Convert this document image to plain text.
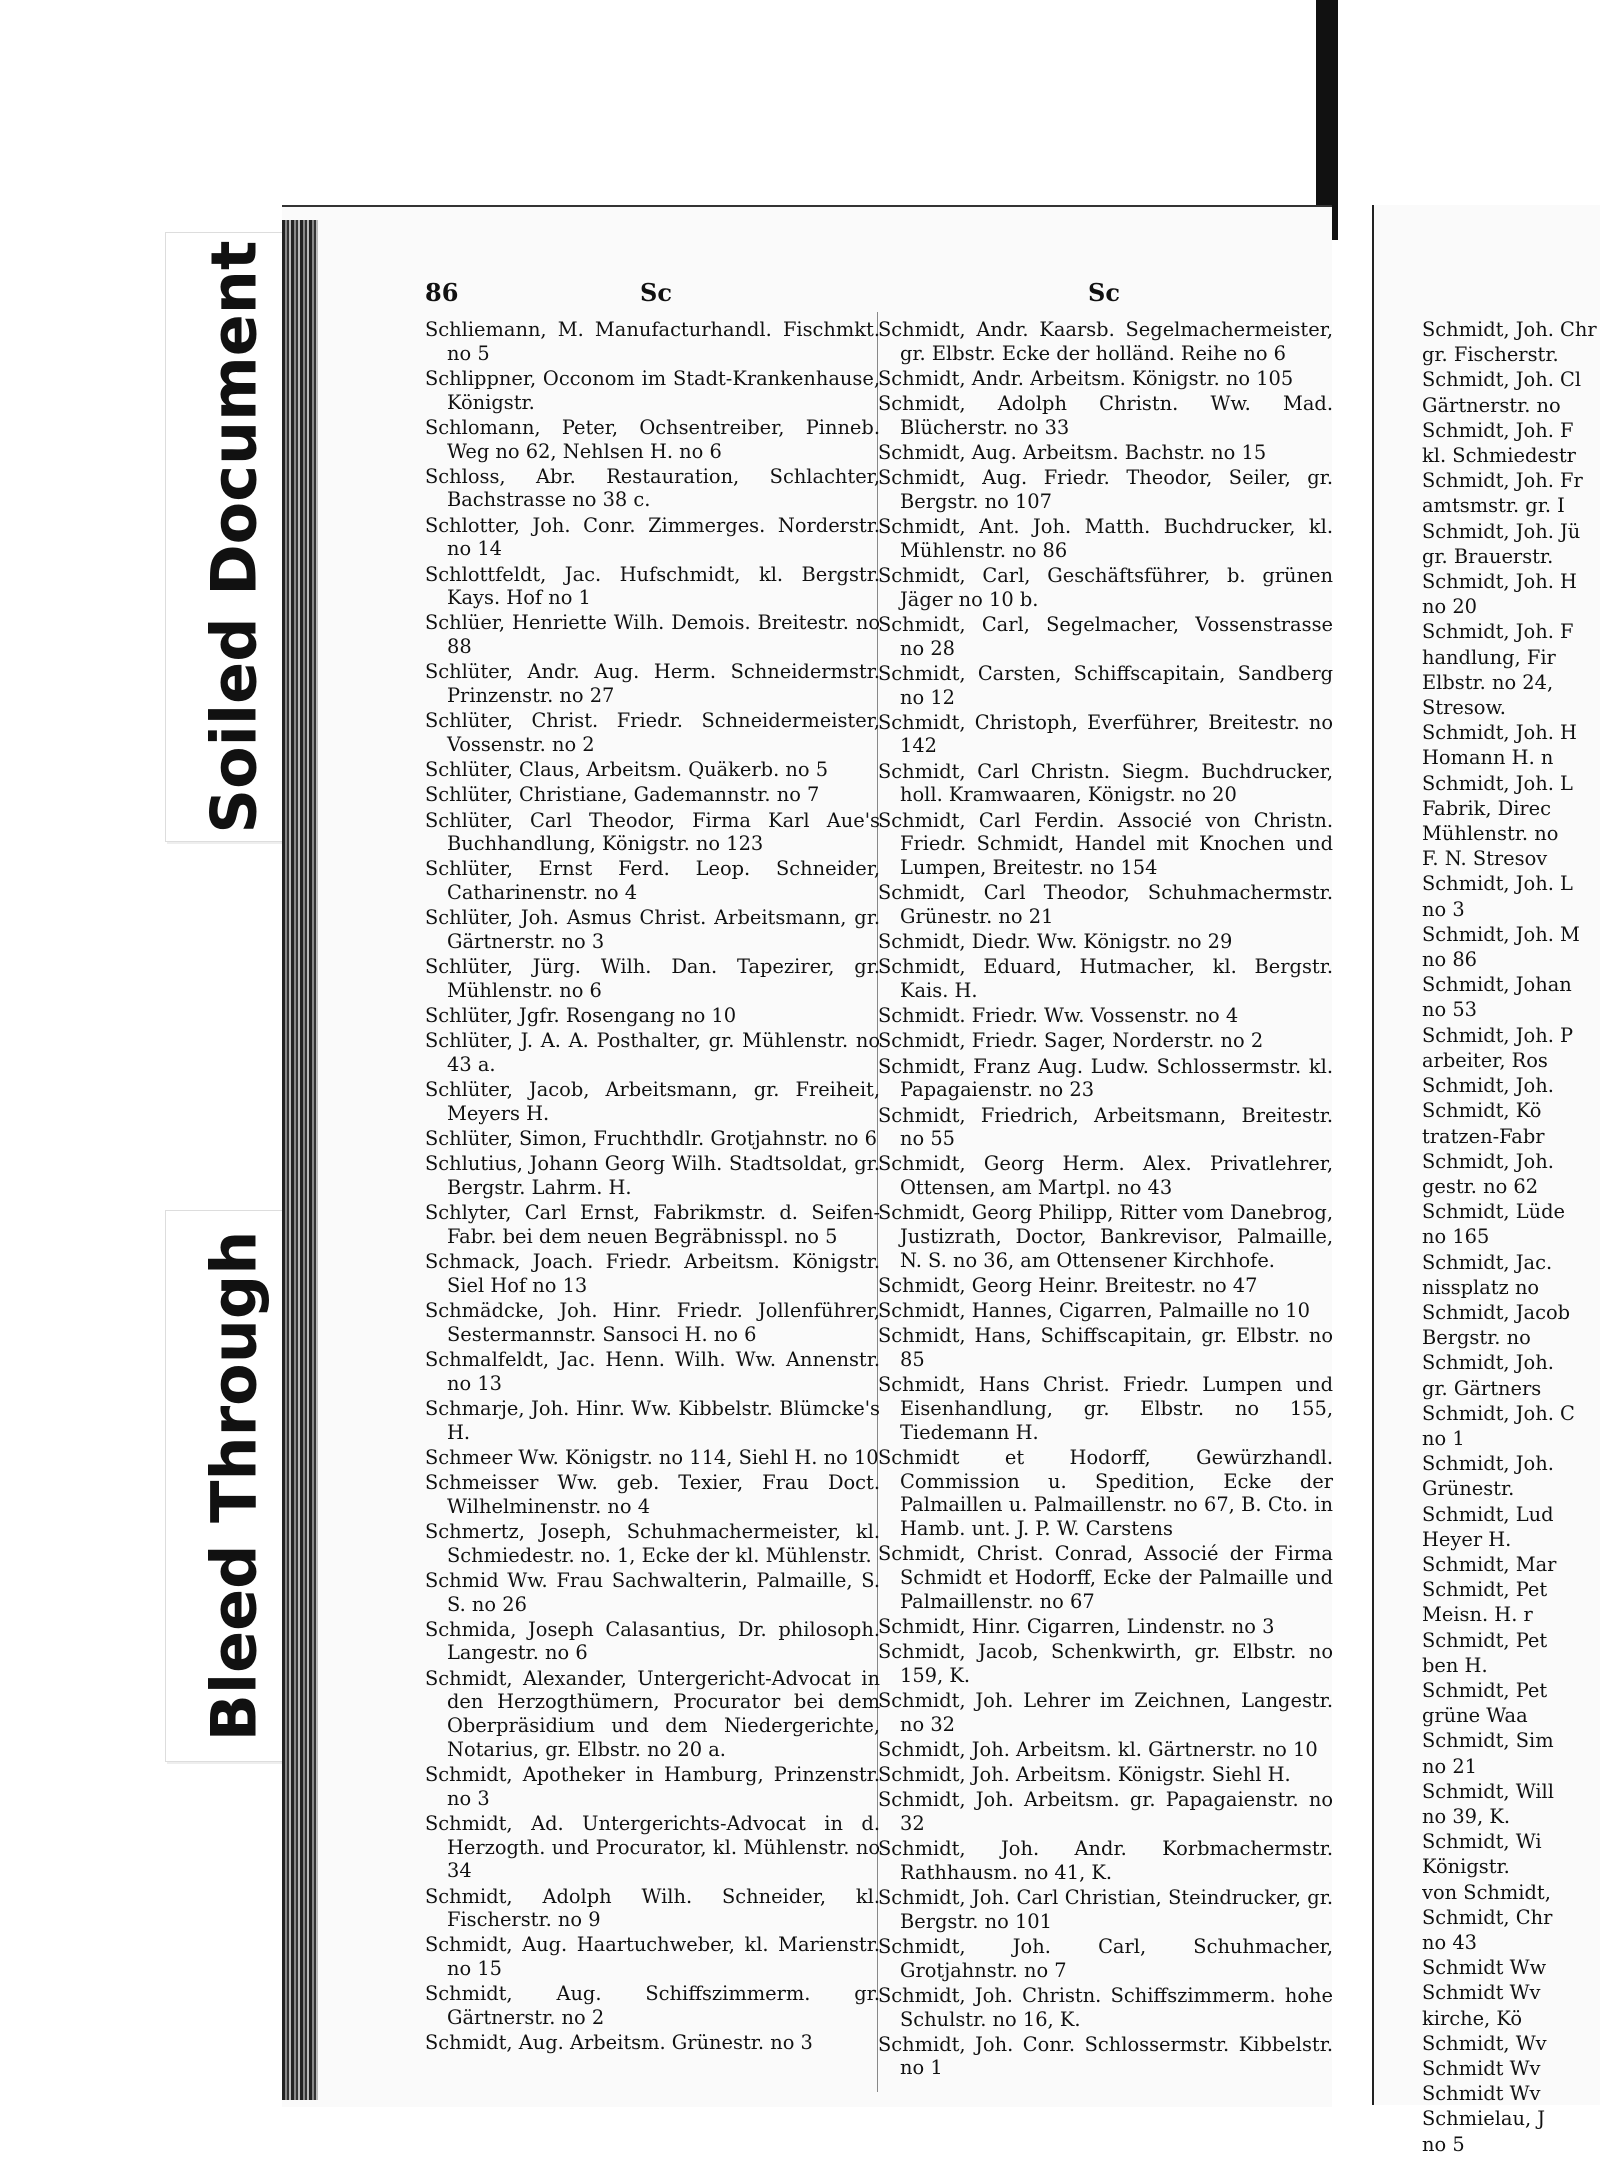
Soiled Document
Bleed Through
86	Sc	Sc
Schliemann, M. Manufacturhandl. Fischmkt. no 5
Schlippner, Occonom im Stadt-Krankenhause, Königstr.
Schlomann, Peter, Ochsentreiber, Pinneb. Weg no 62, Nehlsen H. no 6
Schloss, Abr. Restauration, Schlachter, Bachstrasse no 38 c.
Schlotter, Joh. Conr. Zimmerges. Norderstr. no 14
Schlottfeldt, Jac. Hufschmidt, kl. Bergstr. Kays. Hof no 1
Schlüer, Henriette Wilh. Demois. Breitestr. no 88
Schlüter, Andr. Aug. Herm. Schneidermstr. Prinzenstr. no 27
Schlüter, Christ. Friedr. Schneidermeister, Vossenstr. no 2
Schlüter, Claus, Arbeitsm. Quäkerb. no 5
Schlüter, Christiane, Gademannstr. no 7
Schlüter, Carl Theodor, Firma Karl Aue's Buchhandlung, Königstr. no 123
Schlüter, Ernst Ferd. Leop. Schneider, Catharinenstr. no 4
Schlüter, Joh. Asmus Christ. Arbeitsmann, gr. Gärtnerstr. no 3
Schlüter, Jürg. Wilh. Dan. Tapezirer, gr. Mühlenstr. no 6
Schlüter, Jgfr. Rosengang no 10
Schlüter, J. A. A. Posthalter, gr. Mühlenstr. no 43 a.
Schlüter, Jacob, Arbeitsmann, gr. Freiheit, Meyers H.
Schlüter, Simon, Fruchthdlr. Grotjahnstr. no 6
Schlutius, Johann Georg Wilh. Stadtsoldat, gr. Bergstr. Lahrm. H.
Schlyter, Carl Ernst, Fabrikmstr. d. Seifen-Fabr. bei dem neuen Begräbnisspl. no 5
Schmack, Joach. Friedr. Arbeitsm. Königstr. Siel Hof no 13
Schmädcke, Joh. Hinr. Friedr. Jollenführer, Sestermannstr. Sansoci H. no 6
Schmalfeldt, Jac. Henn. Wilh. Ww. Annenstr. no 13
Schmarje, Joh. Hinr. Ww. Kibbelstr. Blümcke's H.
Schmeer Ww. Königstr. no 114, Siehl H. no 10
Schmeisser Ww. geb. Texier, Frau Doct. Wilhelminenstr. no 4
Schmertz, Joseph, Schuhmachermeister, kl. Schmiedestr. no. 1, Ecke der kl. Mühlenstr.
Schmid Ww. Frau Sachwalterin, Palmaille, S. S. no 26
Schmida, Joseph Calasantius, Dr. philosoph. Langestr. no 6
Schmidt, Alexander, Untergericht-Advocat in den Herzogthümern, Procurator bei dem Oberpräsidium und dem Niedergerichte, Notarius, gr. Elbstr. no 20 a.
Schmidt, Apotheker in Hamburg, Prinzenstr. no 3
Schmidt, Ad. Untergerichts-Advocat in d. Herzogth. und Procurator, kl. Mühlenstr. no 34
Schmidt, Adolph Wilh. Schneider, kl. Fischerstr. no 9
Schmidt, Aug. Haartuchweber, kl. Marienstr. no 15
Schmidt, Aug. Schiffszimmerm. gr. Gärtnerstr. no 2
Schmidt, Aug. Arbeitsm. Grünestr. no 3
Schmidt, Andr. Kaarsb. Segelmachermeister, gr. Elbstr. Ecke der holländ. Reihe no 6
Schmidt, Andr. Arbeitsm. Königstr. no 105
Schmidt, Adolph Christn. Ww. Mad. Blücherstr. no 33
Schmidt, Aug. Arbeitsm. Bachstr. no 15
Schmidt, Aug. Friedr. Theodor, Seiler, gr. Bergstr. no 107
Schmidt, Ant. Joh. Matth. Buchdrucker, kl. Mühlenstr. no 86
Schmidt, Carl, Geschäftsführer, b. grünen Jäger no 10 b.
Schmidt, Carl, Segelmacher, Vossenstrasse no 28
Schmidt, Carsten, Schiffscapitain, Sandberg no 12
Schmidt, Christoph, Everführer, Breitestr. no 142
Schmidt, Carl Christn. Siegm. Buchdrucker, holl. Kramwaaren, Königstr. no 20
Schmidt, Carl Ferdin. Associé von Christn. Friedr. Schmidt, Handel mit Knochen und Lumpen, Breitestr. no 154
Schmidt, Carl Theodor, Schuhmachermstr. Grünestr. no 21
Schmidt, Diedr. Ww. Königstr. no 29
Schmidt, Eduard, Hutmacher, kl. Bergstr. Kais. H.
Schmidt. Friedr. Ww. Vossenstr. no 4
Schmidt, Friedr. Sager, Norderstr. no 2
Schmidt, Franz Aug. Ludw. Schlossermstr. kl. Papagaienstr. no 23
Schmidt, Friedrich, Arbeitsmann, Breitestr. no 55
Schmidt, Georg Herm. Alex. Privatlehrer, Ottensen, am Martpl. no 43
Schmidt, Georg Philipp, Ritter vom Danebrog, Justizrath, Doctor, Bankrevisor, Palmaille, N. S. no 36, am Ottensener Kirchhofe.
Schmidt, Georg Heinr. Breitestr. no 47
Schmidt, Hannes, Cigarren, Palmaille no 10
Schmidt, Hans, Schiffscapitain, gr. Elbstr. no 85
Schmidt, Hans Christ. Friedr. Lumpen und Eisenhandlung, gr. Elbstr. no 155, Tiedemann H.
Schmidt et Hodorff, Gewürzhandl. Commission u. Spedition, Ecke der Palmaillen u. Palmaillenstr. no 67, B. Cto. in Hamb. unt. J. P. W. Carstens
Schmidt, Christ. Conrad, Associé der Firma Schmidt et Hodorff, Ecke der Palmaille und Palmaillenstr. no 67
Schmidt, Hinr. Cigarren, Lindenstr. no 3
Schmidt, Jacob, Schenkwirth, gr. Elbstr. no 159, K.
Schmidt, Joh. Lehrer im Zeichnen, Langestr. no 32
Schmidt, Joh. Arbeitsm. kl. Gärtnerstr. no 10
Schmidt, Joh. Arbeitsm. Königstr. Siehl H.
Schmidt, Joh. Arbeitsm. gr. Papagaienstr. no 32
Schmidt, Joh. Andr. Korbmachermstr. Rathhausm. no 41, K.
Schmidt, Joh. Carl Christian, Steindrucker, gr. Bergstr. no 101
Schmidt, Joh. Carl, Schuhmacher, Grotjahnstr. no 7
Schmidt, Joh. Christn. Schiffszimmerm. hohe Schulstr. no 16, K.
Schmidt, Joh. Conr. Schlossermstr. Kibbelstr. no 1
Schmidt, Joh. Chr
gr. Fischerstr.
Schmidt, Joh. Cl
Gärtnerstr. no
Schmidt, Joh. F
kl. Schmiedestr
Schmidt, Joh. Fr
amtsmstr. gr. I
Schmidt, Joh. Jü
gr. Brauerstr.
Schmidt, Joh. H
no 20
Schmidt, Joh. F
handlung, Fir
Elbstr. no 24,
Stresow.
Schmidt, Joh. H
Homann H. n
Schmidt, Joh. L
Fabrik, Direc
Mühlenstr. no
F. N. Stresov
Schmidt, Joh. L
no 3
Schmidt, Joh. M
no 86
Schmidt, Johan
no 53
Schmidt, Joh. P
arbeiter, Ros
Schmidt, Joh.
Schmidt, Kö
tratzen-Fabr
Schmidt, Joh.
gestr. no 62
Schmidt, Lüde
no 165
Schmidt, Jac.
nissplatz no
Schmidt, Jacob
Bergstr. no
Schmidt, Joh.
gr. Gärtners
Schmidt, Joh. C
no 1
Schmidt, Joh.
Grünestr.
Schmidt, Lud
Heyer H.
Schmidt, Mar
Schmidt, Pet
Meisn. H. r
Schmidt, Pet
ben H.
Schmidt, Pet
grüne Waa
Schmidt, Sim
no 21
Schmidt, Will
no 39, K.
Schmidt, Wi
Königstr.
von Schmidt,
Schmidt, Chr
no 43
Schmidt Ww
Schmidt Wv
kirche, Kö
Schmidt, Wv
Schmidt Wv
Schmidt Wv
Schmielau, J
no 5
